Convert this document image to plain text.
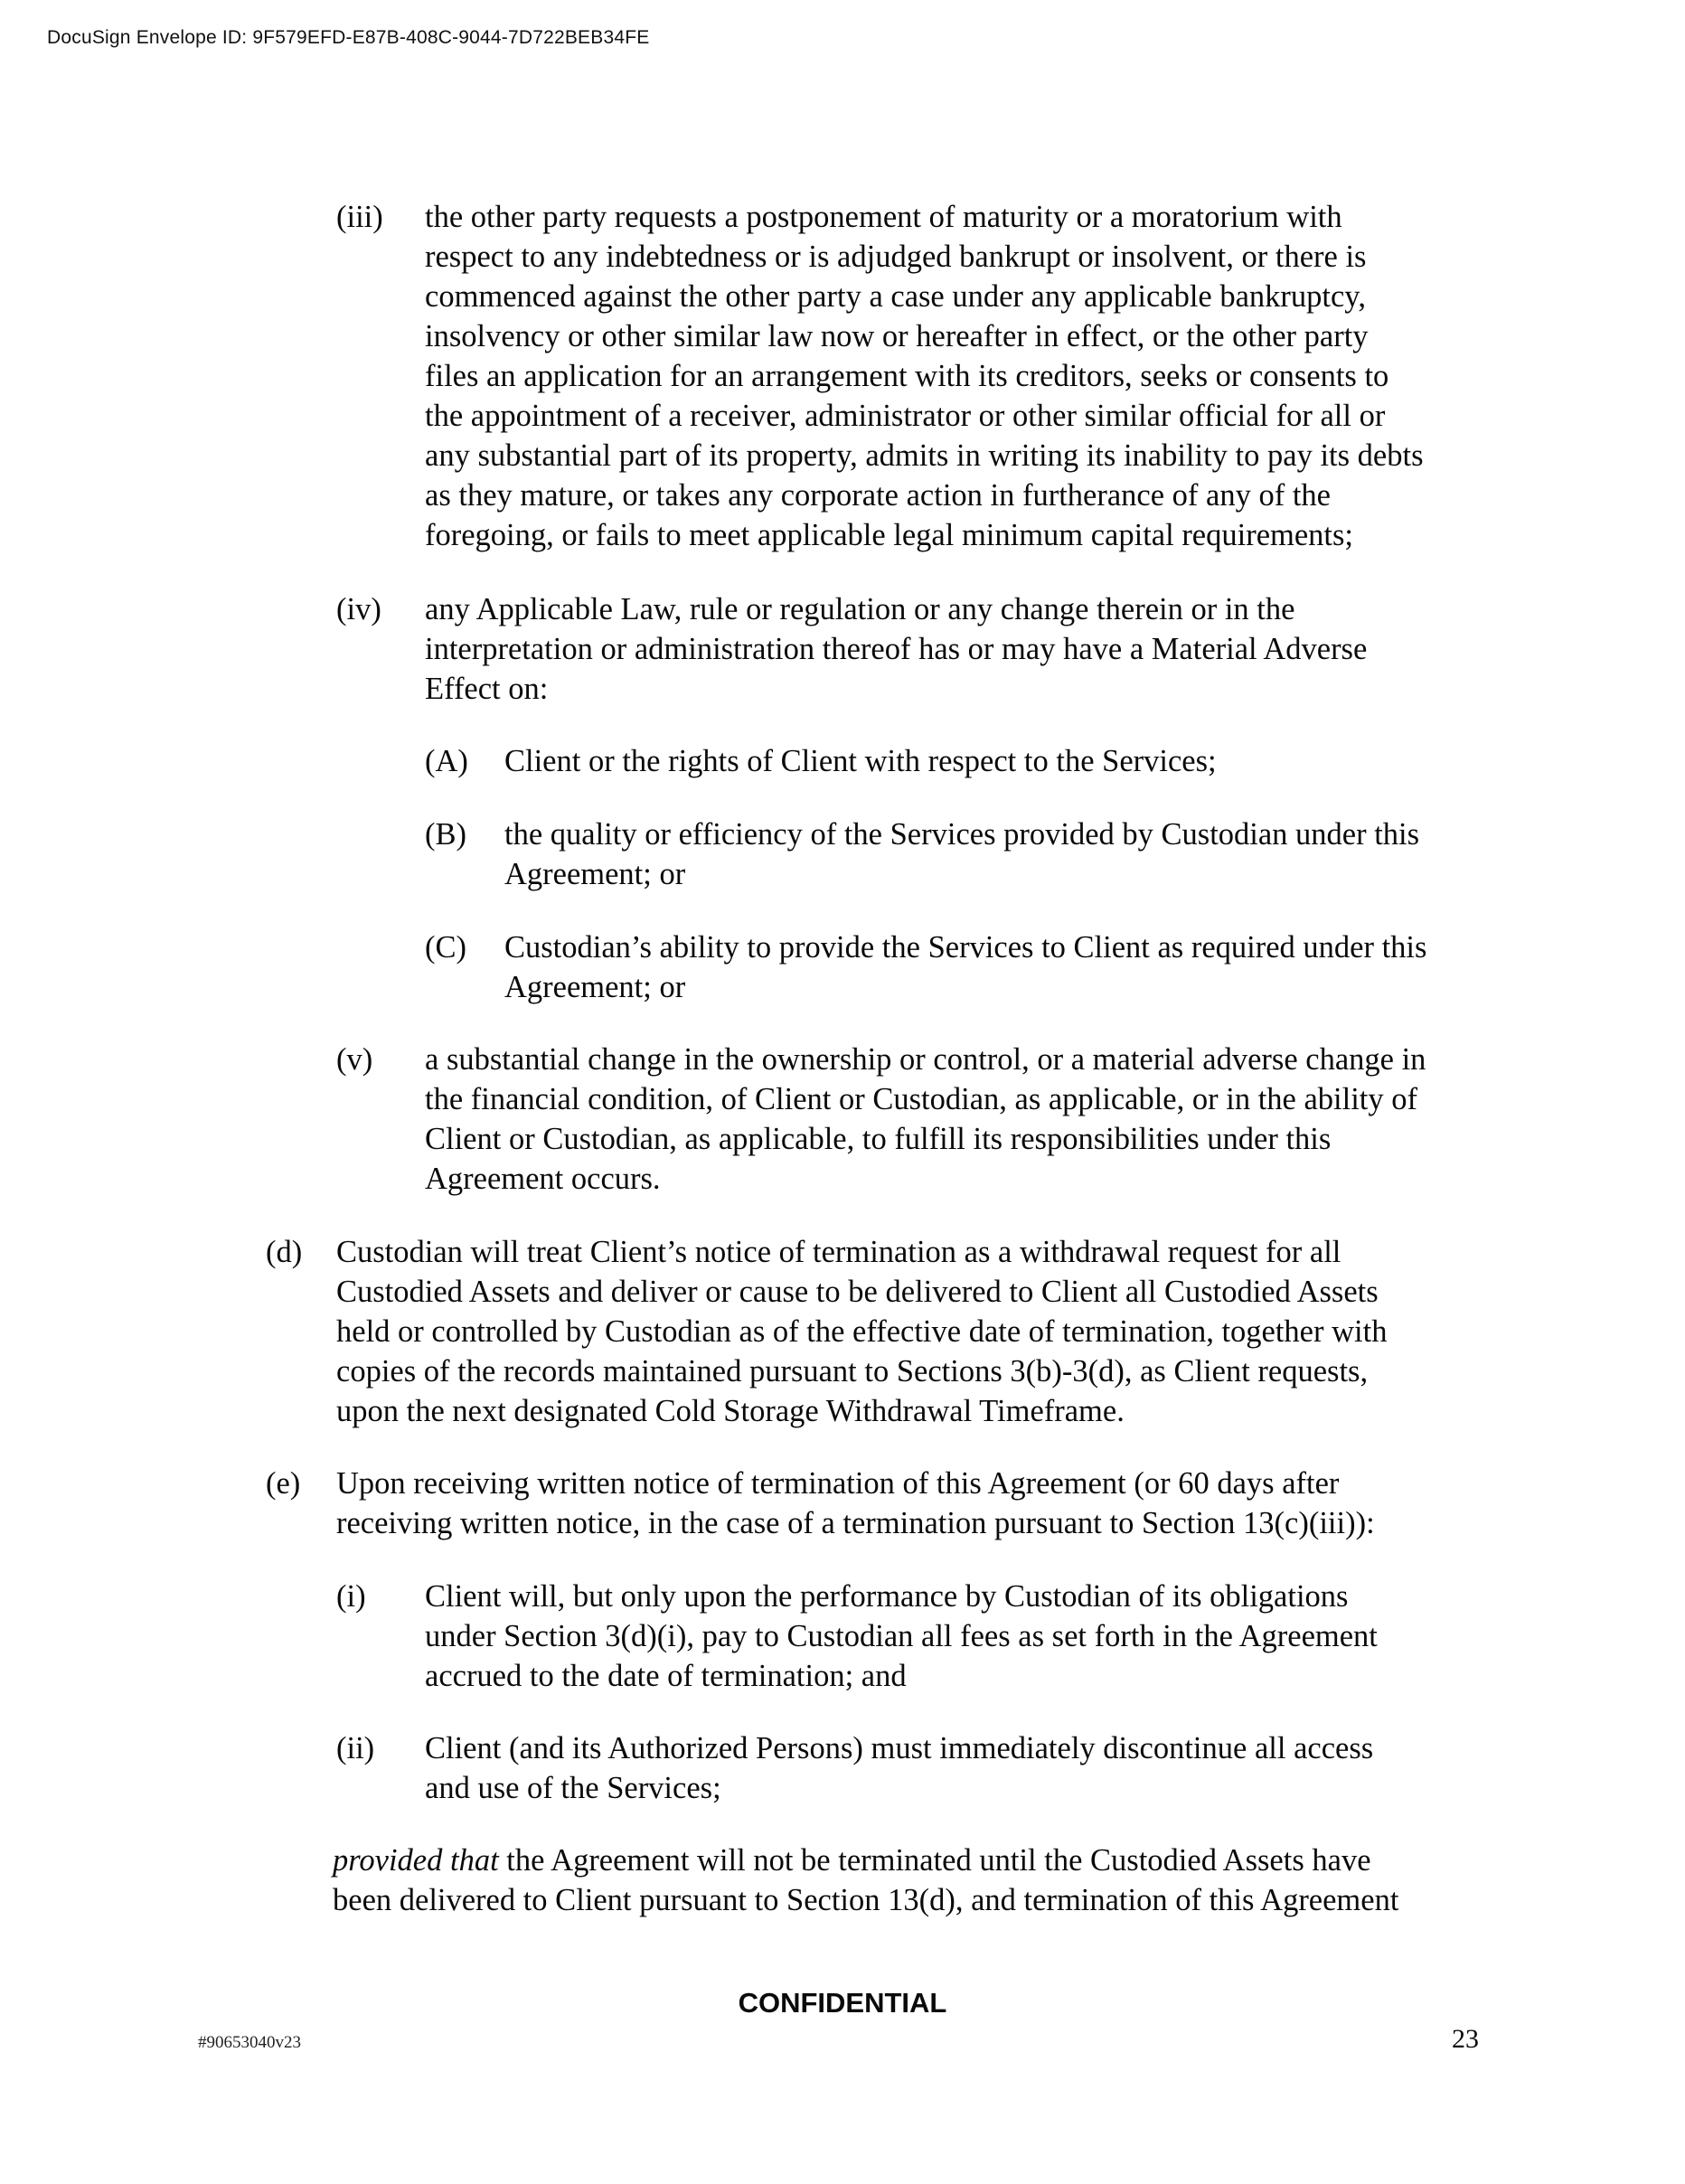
DocuSign Envelope ID: 9F579EFD-E87B-408C-9044-7D722BEB34FE
(iii) the other party requests a postponement of maturity or a moratorium with
respect to any indebtedness or is adjudged bankrupt or insolvent, or there is
commenced against the other party a case under any applicable bankruptcy,
insolvency or other similar law now or hereafter in effect, or the other party
files an application for an arrangement with its creditors, seeks or consents to
the appointment of a receiver, administrator or other similar official for all or
any substantial part of its property, admits in writing its inability to pay its debts
as they mature, or takes any corporate action in furtherance of any of the
foregoing, or fails to meet applicable legal minimum capital requirements;
(iv) any Applicable Law, rule or regulation or any change therein or in the
interpretation or administration thereof has or may have a Material Adverse
Effect on:
(A) Client or the rights of Client with respect to the Services;
(B) the quality or efficiency of the Services provided by Custodian under this
Agreement; or
(C) Custodian’s ability to provide the Services to Client as required under this
Agreement; or
(v) a substantial change in the ownership or control, or a material adverse change in
the financial condition, of Client or Custodian, as applicable, or in the ability of
Client or Custodian, as applicable, to fulfill its responsibilities under this
Agreement occurs.
(d) Custodian will treat Client’s notice of termination as a withdrawal request for all
Custodied Assets and deliver or cause to be delivered to Client all Custodied Assets
held or controlled by Custodian as of the effective date of termination, together with
copies of the records maintained pursuant to Sections 3(b)-3(d), as Client requests,
upon the next designated Cold Storage Withdrawal Timeframe.
(e) Upon receiving written notice of termination of this Agreement (or 60 days after
receiving written notice, in the case of a termination pursuant to Section 13(c)(iii)):
(i) Client will, but only upon the performance by Custodian of its obligations
under Section 3(d)(i), pay to Custodian all fees as set forth in the Agreement
accrued to the date of termination; and
(ii) Client (and its Authorized Persons) must immediately discontinue all access
and use of the Services;
provided that the Agreement will not be terminated until the Custodied Assets have
been delivered to Client pursuant to Section 13(d), and termination of this Agreement
CONFIDENTIAL
#90653040v23	23
